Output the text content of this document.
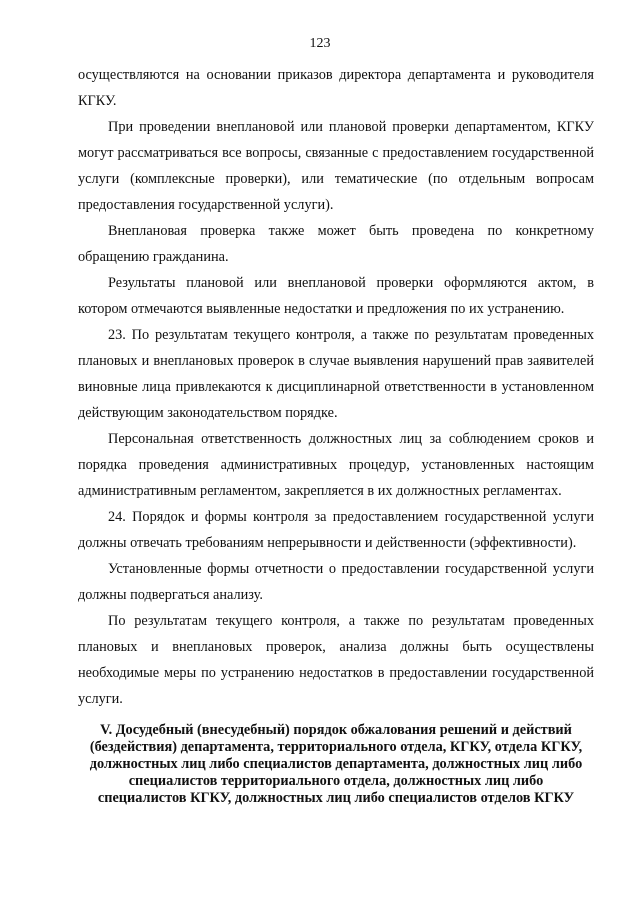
123

осуществляются на основании приказов директора департамента и руководителя КГКУ.

При проведении внеплановой или плановой проверки департаментом, КГКУ могут рассматриваться все вопросы, связанные с предоставлением государственной услуги (комплексные проверки), или тематические (по отдельным вопросам предоставления государственной услуги).

Внеплановая проверка также может быть проведена по конкретному обращению гражданина.

Результаты плановой или внеплановой проверки оформляются актом, в котором отмечаются выявленные недостатки и предложения по их устранению.

23. По результатам текущего контроля, а также по результатам проведенных плановых и внеплановых проверок в случае выявления нарушений прав заявителей виновные лица привлекаются к дисциплинарной ответственности в установленном действующим законодательством порядке.

Персональная ответственность должностных лиц за соблюдением сроков и порядка проведения административных процедур, установленных настоящим административным регламентом, закрепляется в их должностных регламентах.

24. Порядок и формы контроля за предоставлением государственной услуги должны отвечать требованиям непрерывности и действенности (эффективности).

Установленные формы отчетности о предоставлении государственной услуги должны подвергаться анализу.

По результатам текущего контроля, а также по результатам проведенных плановых и внеплановых проверок, анализа должны быть осуществлены необходимые меры по устранению недостатков в предоставлении государственной услуги.

V. Досудебный (внесудебный) порядок обжалования решений и действий (бездействия) департамента, территориального отдела, КГКУ, отдела КГКУ, должностных лиц либо специалистов департамента, должностных лиц либо специалистов территориального отдела, должностных лиц либо специалистов КГКУ, должностных лиц либо специалистов отделов КГКУ
